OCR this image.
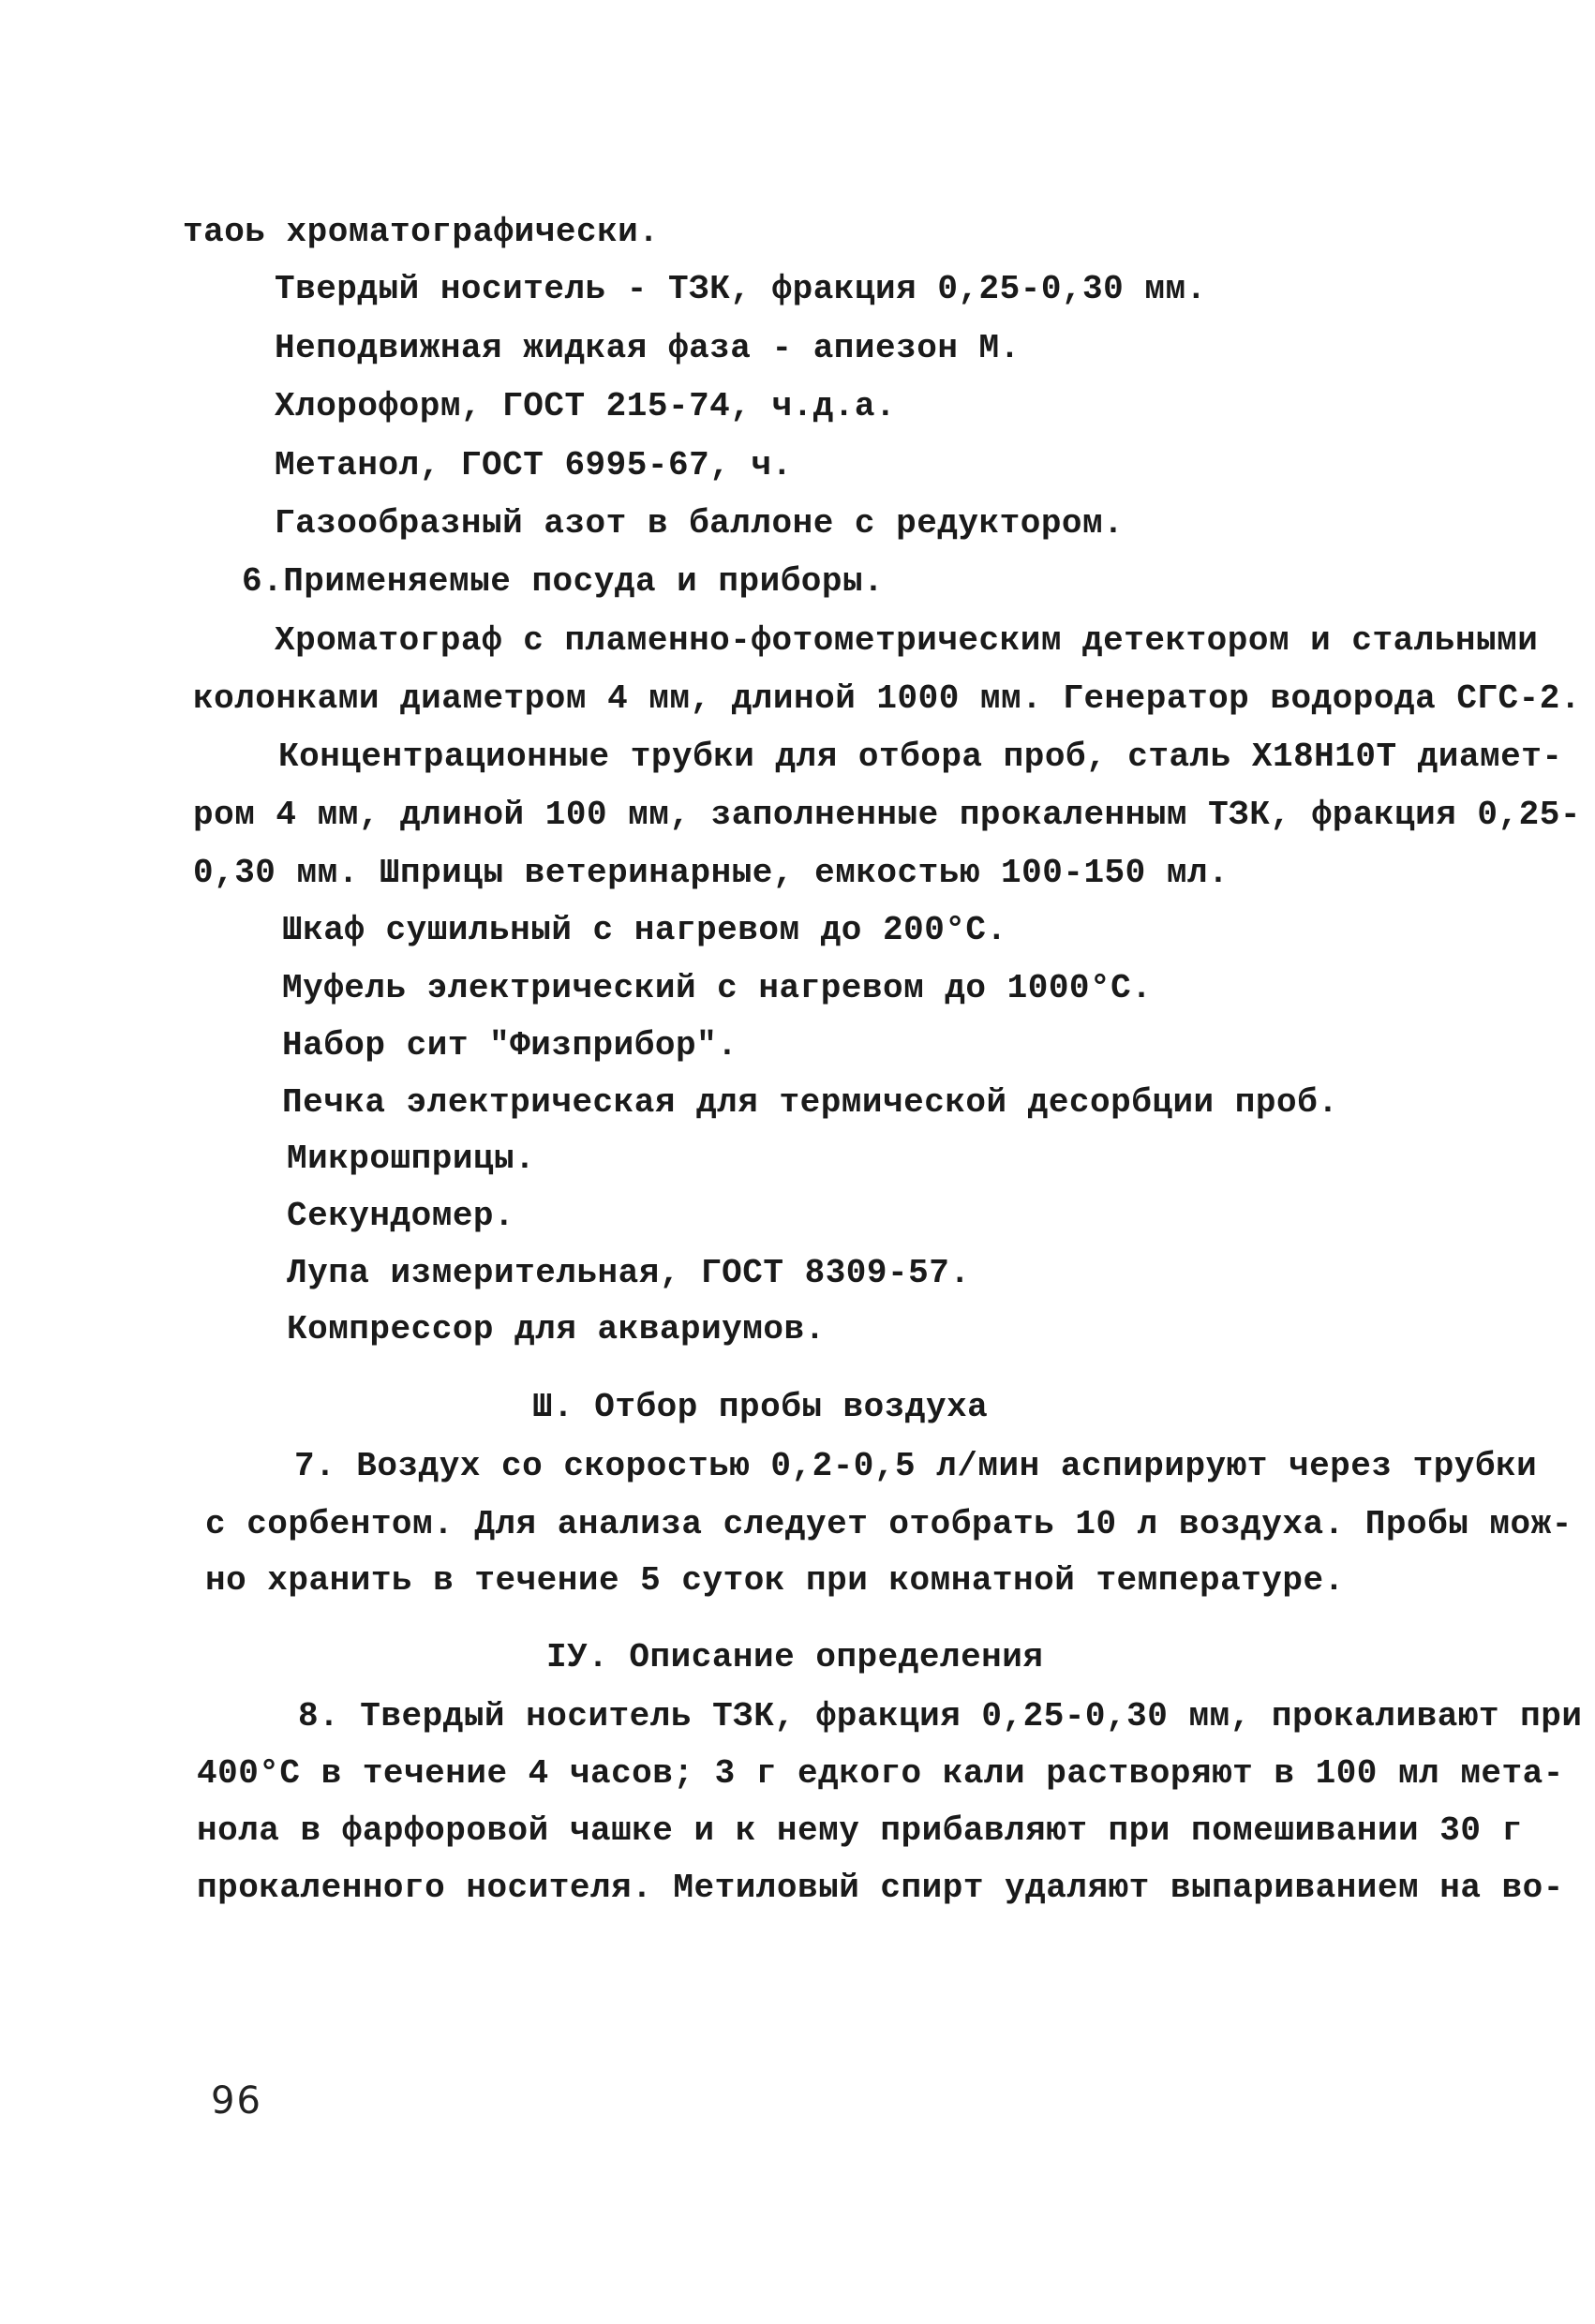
тaoь хроматографически.
Твердый носитель - ТЗК, фракция 0,25-0,30 мм.
Неподвижная жидкая фаза - апиезон М.
Хлороформ, ГОСТ 215-74, ч.д.а.
Метанол, ГОСТ 6995-67, ч.
Газообразный азот в баллоне с редуктором.
6.Применяемые посуда и приборы.
Хроматограф с пламенно-фотометрическим детектором и стальными
колонками диаметром 4 мм, длиной 1000 мм. Генератор водорода СГС-2.
Концентрационные трубки для отбора проб, сталь Х18Н10Т диамет-
ром 4 мм, длиной 100 мм, заполненные прокаленным ТЗК, фракция 0,25-
0,30 мм. Шприцы ветеринарные, емкостью 100-150 мл.
Шкаф сушильный с нагревом до 200°С.
Муфель электрический с нагревом до 1000°С.
Набор сит "Физприбор".
Печка электрическая для термической десорбции проб.
Микрошприцы.
Секундомер.
Лупа измерительная, ГОСТ 8309-57.
Компрессор для аквариумов.
Ш. Отбор пробы воздуха
7. Воздух со скоростью 0,2-0,5 л/мин аспирируют через трубки
с сорбентом. Для анализа следует отобрать 10 л воздуха. Пробы мож-
но хранить в течение 5 суток при комнатной температуре.
IУ. Описание определения
8. Твердый носитель ТЗК, фракция 0,25-0,30 мм, прокаливают при
400°С в течение 4 часов; 3 г едкого кали растворяют в 100 мл мета-
нола в фарфоровой чашке и к нему прибавляют при помешивании 30 г
прокаленного носителя. Метиловый спирт удаляют выпариванием на во-
96
